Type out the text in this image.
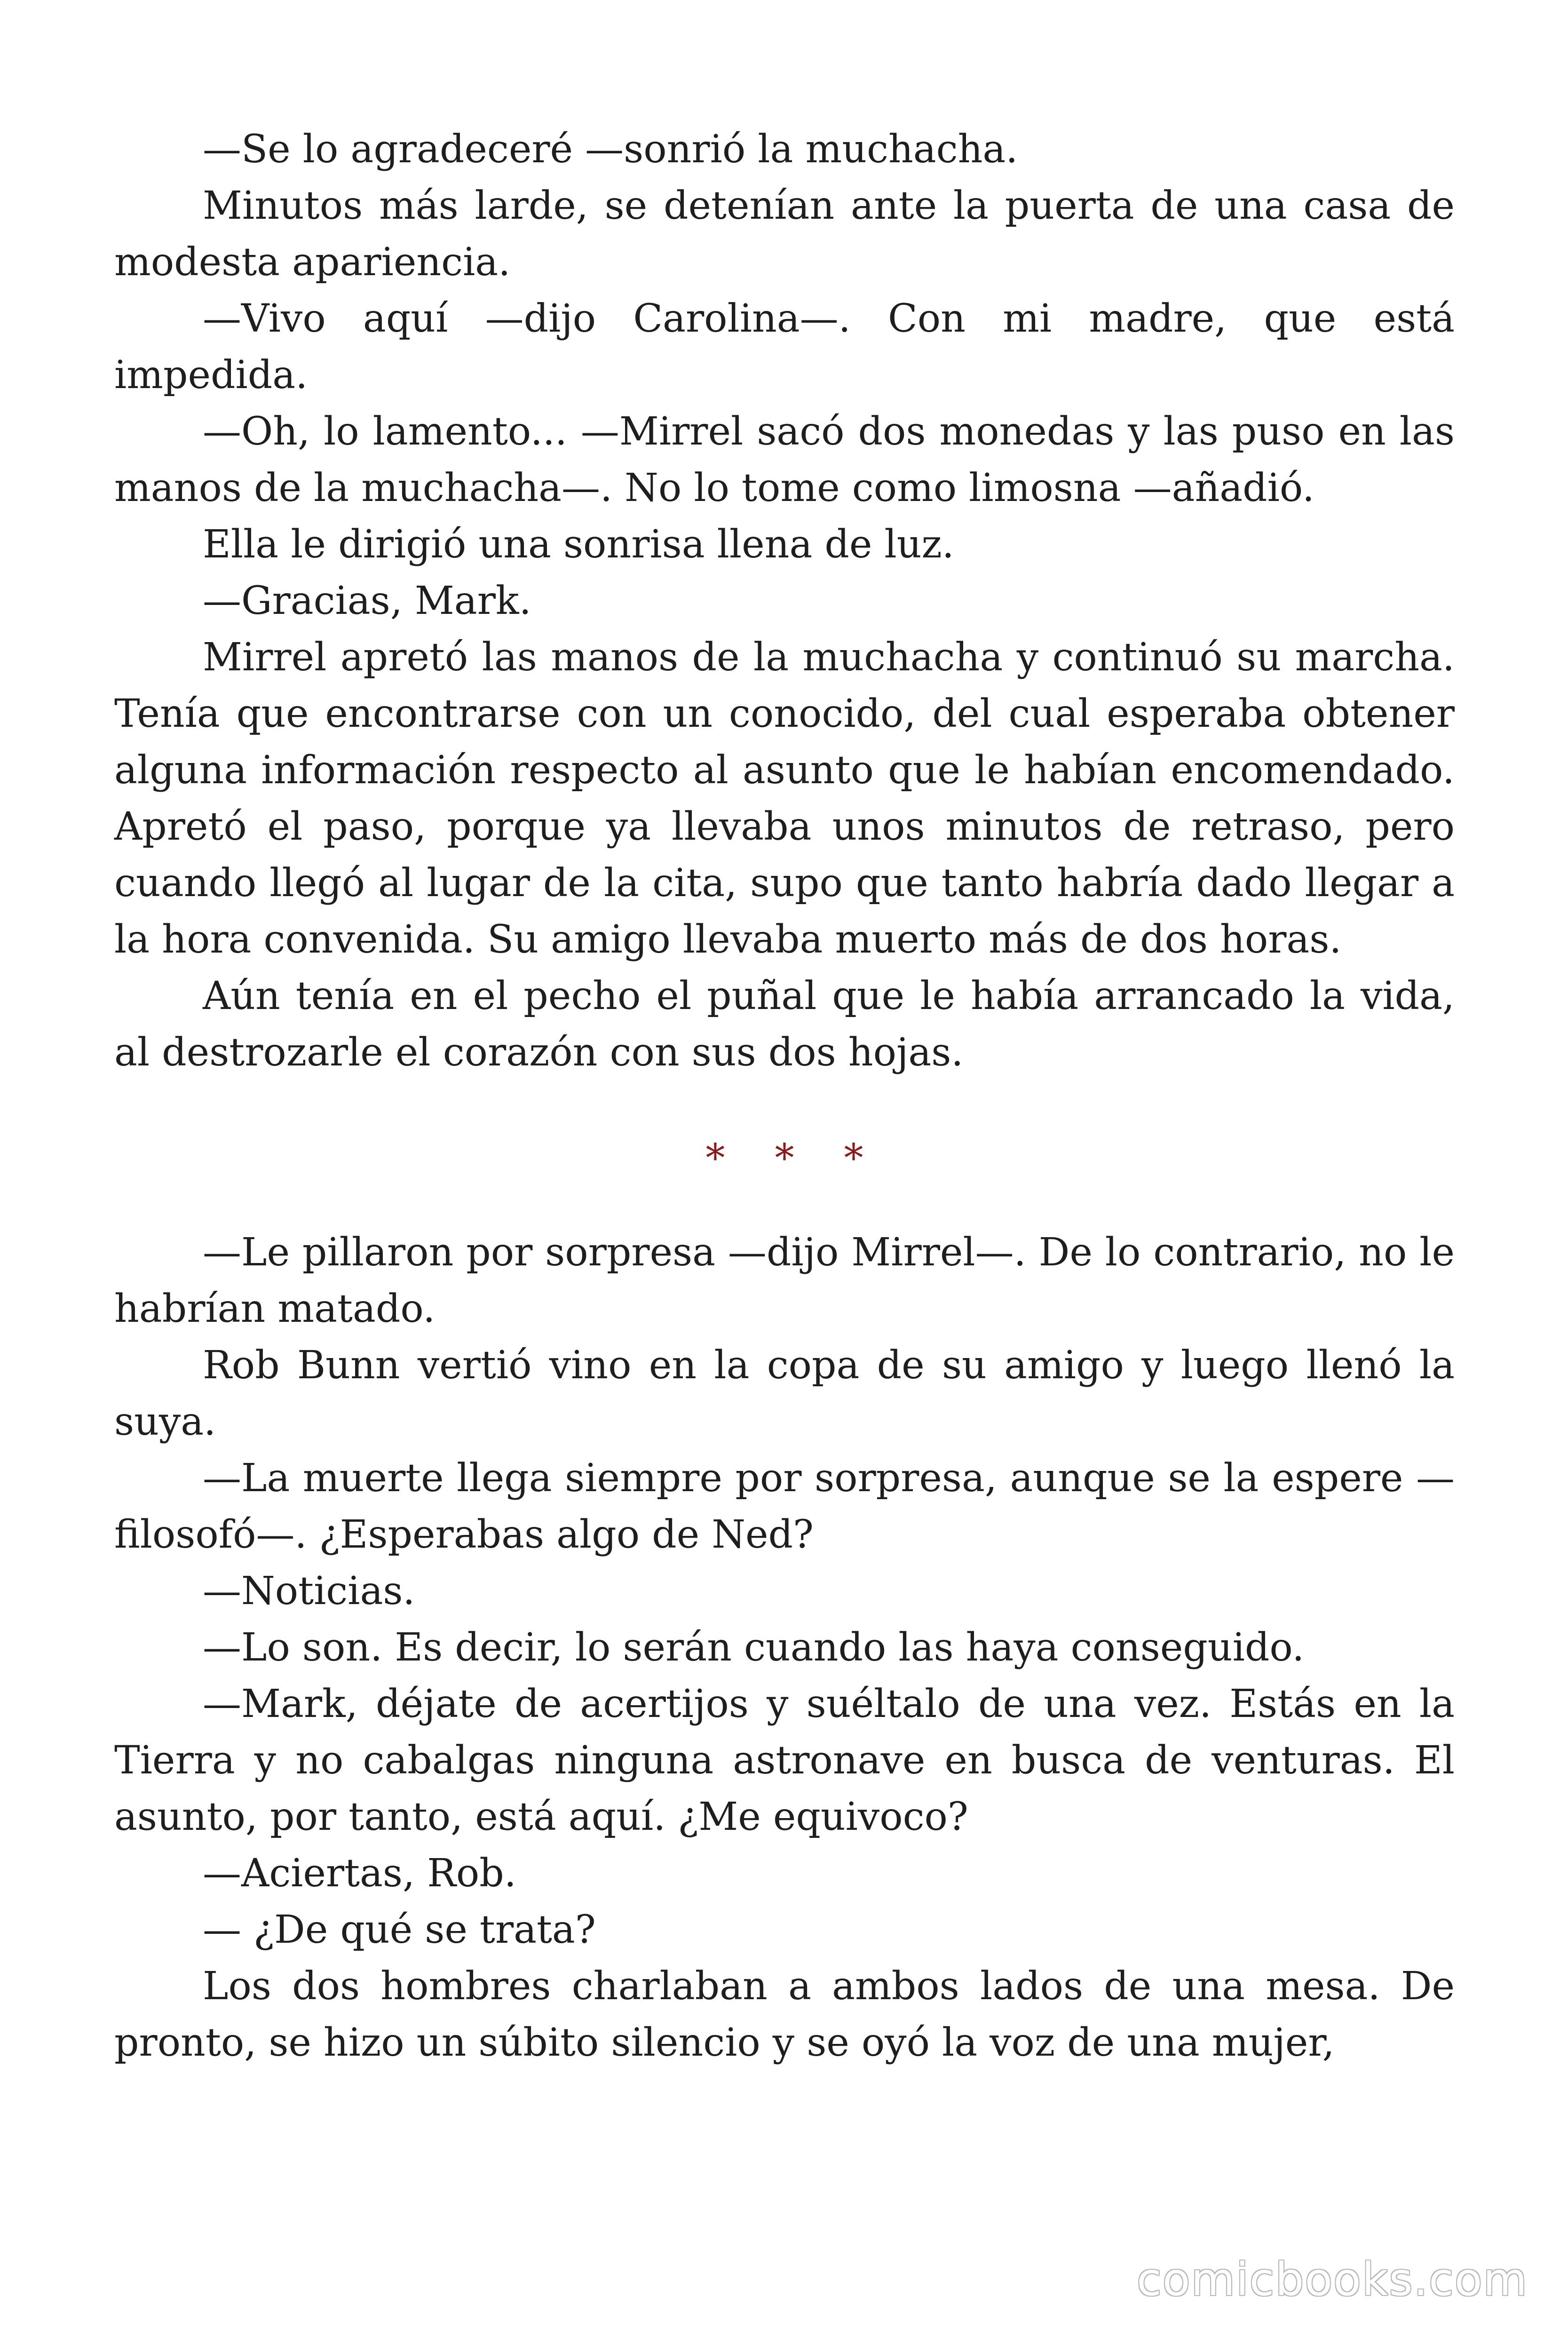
—Se lo agradeceré —sonrió la muchacha.

Minutos más larde, se detenían ante la puerta de una casa de modesta apariencia.

—Vivo aquí —dijo Carolina—. Con mi madre, que está impedida.

—Oh, lo lamento... —Mirrel sacó dos monedas y las puso en las manos de la muchacha—. No lo tome como limosna —añadió.

Ella le dirigió una sonrisa llena de luz.

—Gracias, Mark.

Mirrel apretó las manos de la muchacha y continuó su marcha. Tenía que encontrarse con un conocido, del cual esperaba obtener alguna información respecto al asunto que le habían encomendado. Apretó el paso, porque ya llevaba unos minutos de retraso, pero cuando llegó al lugar de la cita, supo que tanto habría dado llegar a la hora convenida. Su amigo llevaba muerto más de dos horas.

Aún tenía en el pecho el puñal que le había arrancado la vida, al destrozarle el corazón con sus dos hojas.

* * *

—Le pillaron por sorpresa —dijo Mirrel—. De lo contrario, no le habrían matado.

Rob Bunn vertió vino en la copa de su amigo y luego llenó la suya.

—La muerte llega siempre por sorpresa, aunque se la espere —filosofó—. ¿Esperabas algo de Ned?

—Noticias.

—Lo son. Es decir, lo serán cuando las haya conseguido.

—Mark, déjate de acertijos y suéltalo de una vez. Estás en la Tierra y no cabalgas ninguna astronave en busca de venturas. El asunto, por tanto, está aquí. ¿Me equivoco?

—Aciertas, Rob.

— ¿De qué se trata?

Los dos hombres charlaban a ambos lados de una mesa. De pronto, se hizo un súbito silencio y se oyó la voz de una mujer,

comicbooks.com
